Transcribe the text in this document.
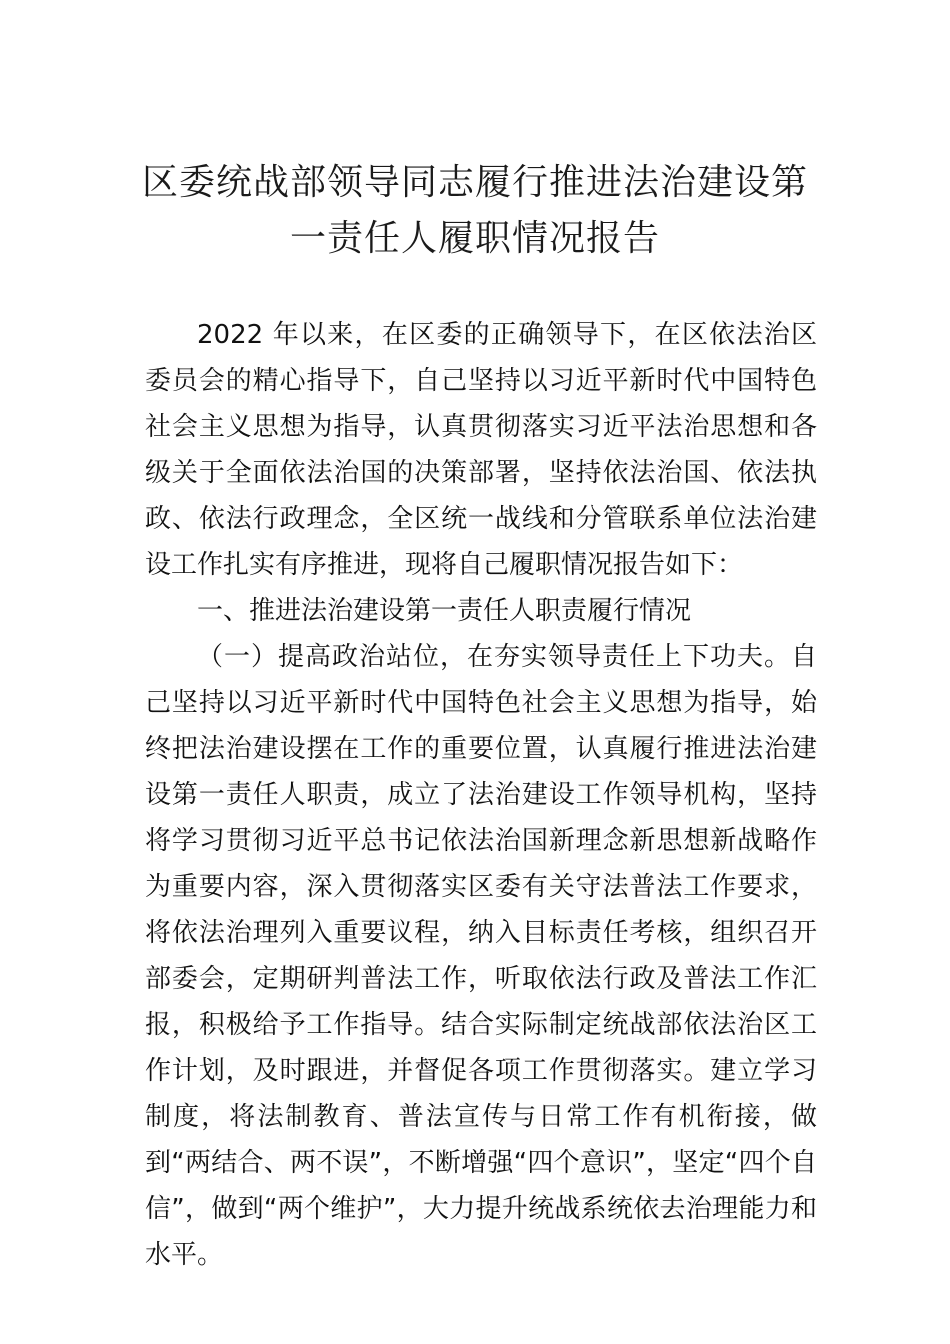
区委统战部领导同志履行推进法治建设第
一责任人履职情况报告

2022 年以来，在区委的正确领导下，在区依法治区委员会的精心指导下，自己坚持以习近平新时代中国特色社会主义思想为指导，认真贯彻落实习近平法治思想和各级关于全面依法治国的决策部署，坚持依法治国、依法执政、依法行政理念，全区统一战线和分管联系单位法治建设工作扎实有序推进，现将自己履职情况报告如下：

一、推进法治建设第一责任人职责履行情况

（一）提高政治站位，在夯实领导责任上下功夫。自己坚持以习近平新时代中国特色社会主义思想为指导，始终把法治建设摆在工作的重要位置，认真履行推进法治建设第一责任人职责，成立了法治建设工作领导机构，坚持将学习贯彻习近平总书记依法治国新理念新思想新战略作为重要内容，深入贯彻落实区委有关守法普法工作要求，将依法治理列入重要议程，纳入目标责任考核，组织召开部委会，定期研判普法工作，听取依法行政及普法工作汇报，积极给予工作指导。结合实际制定统战部依法治区工作计划，及时跟进，并督促各项工作贯彻落实。建立学习制度，将法制教育、普法宣传与日常工作有机衔接，做到“两结合、两不误”，不断增强“四个意识”，坚定“四个自信”，做到“两个维护”，大力提升统战系统依去治理能力和水平。
